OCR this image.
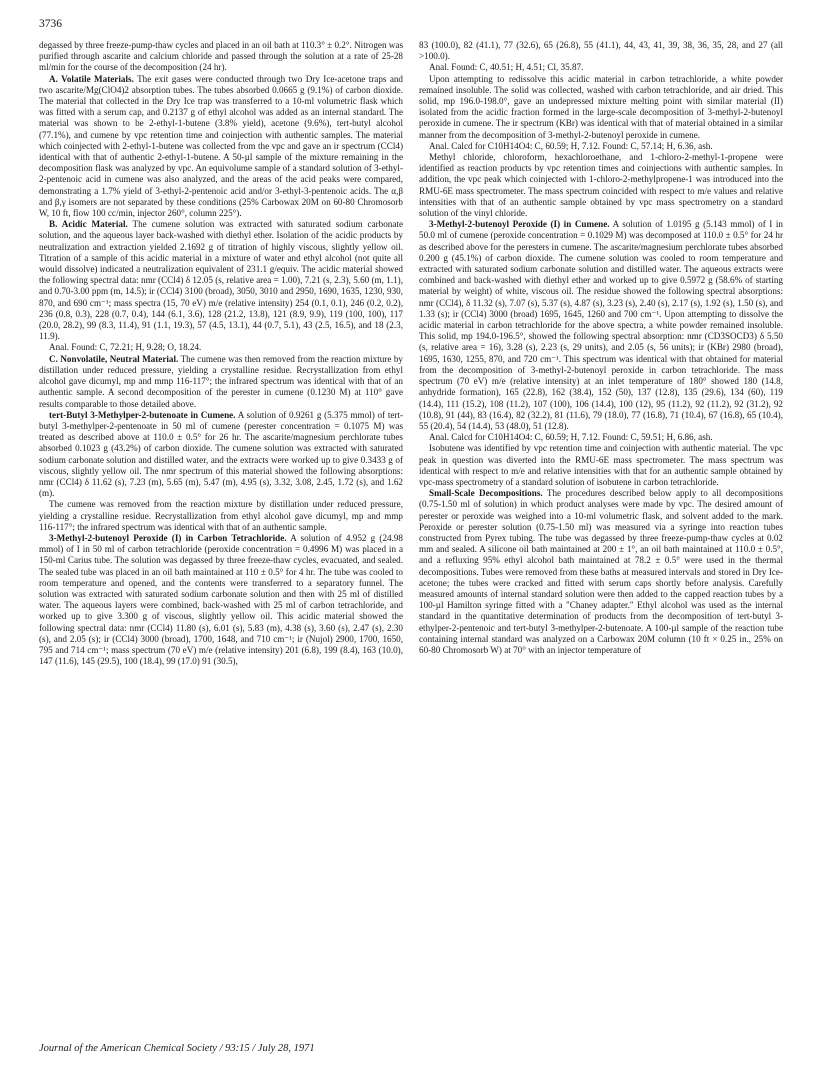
3736

degassed by three freeze-pump-thaw cycles and placed in an oil bath at 110.3° ± 0.2°. Nitrogen was purified through ascarite and calcium chloride and passed through the solution at a rate of 25-28 ml/min for the course of the decomposition (24 hr).

A. Volatile Materials. The exit gases were conducted through two Dry Ice-acetone traps and two ascarite/Mg(ClO4)2 absorption tubes. The tubes absorbed 0.0665 g (9.1%) of carbon dioxide. The material that collected in the Dry Ice trap was transferred to a 10-ml volumetric flask which was fitted with a serum cap, and 0.2137 g of ethyl alcohol was added as an internal standard. The material was shown to be 2-ethyl-1-butene (3.8% yield), acetone (9.6%), tert-butyl alcohol (77.1%), and cumene by vpc retention time and coinjection with authentic samples. The material which coinjected with 2-ethyl-1-butene was collected from the vpc and gave an ir spectrum (CCl4) identical with that of authentic 2-ethyl-1-butene. A 50-µl sample of the mixture remaining in the decomposition flask was analyzed by vpc. An equivolume sample of a standard solution of 3-ethyl-2-pentenoic acid in cumene was also analyzed, and the areas of the acid peaks were compared, demonstrating a 1.7% yield of 3-ethyl-2-pentenoic acid and/or 3-ethyl-3-pentenoic acids. The α,β and β,γ isomers are not separated by these conditions (25% Carbowax 20M on 60-80 Chromosorb W, 10 ft, flow 100 cc/min, injector 260°, column 225°).

B. Acidic Material. The cumene solution was extracted with saturated sodium carbonate solution, and the aqueous layer back-washed with diethyl ether. Isolation of the acidic products by neutralization and extraction yielded 2.1692 g of titration of highly viscous, slightly yellow oil. Titration of a sample of this acidic material in a mixture of water and ethyl alcohol (not quite all would dissolve) indicated a neutralization equivalent of 231.1 g/equiv. The acidic material showed the following spectral data: nmr (CCl4) δ 12.05 (s, relative area = 1.00), 7.21 (s, 2.3), 5.60 (m, 1.1), and 0.70-3.00 ppm (m, 14.5); ir (CCl4) 3100 (broad), 3050, 3010 and 2950, 1690, 1635, 1230, 930, 870, and 690 cm⁻¹; mass spectra (15, 70 eV) m/e (relative intensity) 254 (0.1, 0.1), 246 (0.2, 0.2), 236 (0.8, 0.3), 228 (0.7, 0.4), 144 (6.1, 3.6), 128 (21.2, 13.8), 121 (8.9, 9.9), 119 (100, 100), 117 (20.0, 28.2), 99 (8.3, 11.4), 91 (1.1, 19.3), 57 (4.5, 13.1), 44 (0.7, 5.1), 43 (2.5, 16.5), and 18 (2.3, 11.9).

Anal. Found: C, 72.21; H, 9.28; O, 18.24.

C. Nonvolatile, Neutral Material. The cumene was then removed from the reaction mixture by distillation under reduced pressure, yielding a crystalline residue. Recrystallization from ethyl alcohol gave dicumyl, mp and mmp 116-117°; the infrared spectrum was identical with that of an authentic sample. A second decomposition of the perester in cumene (0.1230 M) at 110° gave results comparable to those detailed above.

tert-Butyl 3-Methylper-2-butenoate in Cumene. A solution of 0.9261 g (5.375 mmol) of tert-butyl 3-methylper-2-pentenoate in 50 ml of cumene (perester concentration = 0.1075 M) was treated as described above at 110.0 ± 0.5° for 26 hr. The ascarite/magnesium perchlorate tubes absorbed 0.1023 g (43.2%) of carbon dioxide. The cumene solution was extracted with saturated sodium carbonate solution and distilled water, and the extracts were worked up to give 0.3433 g of viscous, slightly yellow oil. The nmr spectrum of this material showed the following absorptions: nmr (CCl4) δ 11.62 (s), 7.23 (m), 5.65 (m), 5.47 (m), 4.95 (s), 3.32, 3.08, 2.45, 1.72 (s), and 1.62 (m).

The cumene was removed from the reaction mixture by distillation under reduced pressure, yielding a crystalline residue. Recrystallization from ethyl alcohol gave dicumyl, mp and mmp 116-117°; the infrared spectrum was identical with that of an authentic sample.

3-Methyl-2-butenoyl Peroxide (I) in Carbon Tetrachloride. A solution of 4.952 g (24.98 mmol) of I in 50 ml of carbon tetrachloride (peroxide concentration = 0.4996 M) was placed in a 150-ml Carius tube. The solution was degassed by three freeze-thaw cycles, evacuated, and sealed. The sealed tube was placed in an oil bath maintained at 110 ± 0.5° for 4 hr. The tube was cooled to room temperature and opened, and the contents were transferred to a separatory funnel. The solution was extracted with saturated sodium carbonate solution and then with 25 ml of distilled water. The aqueous layers were combined, back-washed with 25 ml of carbon tetrachloride, and worked up to give 3.300 g of viscous, slightly yellow oil. This acidic material showed the following spectral data: nmr (CCl4) 11.80 (s), 6.01 (s), 5.83 (m), 4.38 (s), 3.60 (s), 2.47 (s), 2.30 (s), and 2.05 (s); ir (CCl4) 3000 (broad), 1700, 1648, and 710 cm⁻¹; ir (Nujol) 2900, 1700, 1650, 795 and 714 cm⁻¹; mass spectrum (70 eV) m/e (relative intensity) 201 (6.8), 199 (8.4), 163 (10.0), 147 (11.6), 145 (29.5), 100 (18.4), 99 (17.0) 91 (30.5),

83 (100.0), 82 (41.1), 77 (32.6), 65 (26.8), 55 (41.1), 44, 43, 41, 39, 38, 36, 35, 28, and 27 (all >100.0).

Anal. Found: C, 40.51; H, 4.51; Cl, 35.87.

Upon attempting to redissolve this acidic material in carbon tetrachloride, a white powder remained insoluble. The solid was collected, washed with carbon tetrachloride, and air dried. This solid, mp 196.0-198.0°, gave an undepressed mixture melting point with similar material (II) isolated from the acidic fraction formed in the large-scale decomposition of 3-methyl-2-butenoyl peroxide in cumene. The ir spectrum (KBr) was identical with that of material obtained in a similar manner from the decomposition of 3-methyl-2-butenoyl peroxide in cumene.

Anal. Calcd for C10H14O4: C, 60.59; H, 7.12. Found: C, 57.14; H, 6.36, ash.

Methyl chloride, chloroform, hexachloroethane, and 1-chloro-2-methyl-1-propene were identified as reaction products by vpc retention times and coinjections with authentic samples. In addition, the vpc peak which coinjected with 1-chloro-2-methylpropene-1 was introduced into the RMU-6E mass spectrometer. The mass spectrum coincided with respect to m/e values and relative intensities with that of an authentic sample obtained by vpc mass spectrometry on a standard solution of the vinyl chloride.

3-Methyl-2-butenoyl Peroxide (I) in Cumene. A solution of 1.0195 g (5.143 mmol) of I in 50.0 ml of cumene (peroxide concentration = 0.1029 M) was decomposed at 110.0 ± 0.5° for 24 hr as described above for the peresters in cumene. The ascarite/magnesium perchlorate tubes absorbed 0.200 g (45.1%) of carbon dioxide. The cumene solution was cooled to room temperature and extracted with saturated sodium carbonate solution and distilled water. The aqueous extracts were combined and back-washed with diethyl ether and worked up to give 0.5972 g (58.6% of starting material by weight) of white, viscous oil. The residue showed the following spectral absorptions: nmr (CCl4), δ 11.32 (s), 7.07 (s), 5.37 (s), 4.87 (s), 3.23 (s), 2.40 (s), 2.17 (s), 1.92 (s), 1.50 (s), and 1.33 (s); ir (CCl4) 3000 (broad) 1695, 1645, 1260 and 700 cm⁻¹. Upon attempting to dissolve the acidic material in carbon tetrachloride for the above spectra, a white powder remained insoluble. This solid, mp 194.0-196.5°, showed the following spectral absorption: nmr (CD3SOCD3) δ 5.50 (s, relative area = 16), 3.28 (s), 2.23 (s, 29 units), and 2.05 (s, 56 units); ir (KBr) 2980 (broad), 1695, 1630, 1255, 870, and 720 cm⁻¹. This spectrum was identical with that obtained for material from the decomposition of 3-methyl-2-butenoyl peroxide in carbon tetrachloride. The mass spectrum (70 eV) m/e (relative intensity) at an inlet temperature of 180° showed 180 (14.8, anhydride formation), 165 (22.8), 162 (38.4), 152 (50), 137 (12.8), 135 (29.6), 134 (60), 119 (14.4), 111 (15.2), 108 (11.2), 107 (100), 106 (14.4), 100 (12), 95 (11.2), 92 (11.2), 92 (31.2), 92 (10.8), 91 (44), 83 (16.4), 82 (32.2), 81 (11.6), 79 (18.0), 77 (16.8), 71 (10.4), 67 (16.8), 65 (10.4), 55 (20.4), 54 (14.4), 53 (48.0), 51 (12.8).

Anal. Calcd for C10H14O4: C, 60.59; H, 7.12. Found: C, 59.51; H, 6.86, ash.

Isobutene was identified by vpc retention time and coinjection with authentic material. The vpc peak in question was diverted into the RMU-6E mass spectrometer. The mass spectrum was identical with respect to m/e and relative intensities with that for an authentic sample obtained by vpc-mass spectrometry of a standard solution of isobutene in carbon tetrachloride.

Small-Scale Decompositions. The procedures described below apply to all decompositions (0.75-1.50 ml of solution) in which product analyses were made by vpc. The desired amount of perester or peroxide was weighed into a 10-ml volumetric flask, and solvent added to the mark. Peroxide or perester solution (0.75-1.50 ml) was measured via a syringe into reaction tubes constructed from Pyrex tubing. The tube was degassed by three freeze-pump-thaw cycles at 0.02 mm and sealed. A silicone oil bath maintained at 200 ± 1°, an oil bath maintained at 110.0 ± 0.5°, and a refluxing 95% ethyl alcohol bath maintained at 78.2 ± 0.5° were used in the thermal decompositions. Tubes were removed from these baths at measured intervals and stored in Dry Ice-acetone; the tubes were cracked and fitted with serum caps shortly before analysis. Carefully measured amounts of internal standard solution were then added to the capped reaction tubes by a 100-µl Hamilton syringe fitted with a "Chaney adapter." Ethyl alcohol was used as the internal standard in the quantitative determination of products from the decomposition of tert-butyl 3-ethylper-2-pentenoic and tert-butyl 3-methylper-2-butenoate. A 100-µl sample of the reaction tube containing internal standard was analyzed on a Carbowax 20M column (10 ft × 0.25 in., 25% on 60-80 Chromosorb W) at 70° with an injector temperature of

Journal of the American Chemical Society / 93:15 / July 28, 1971
